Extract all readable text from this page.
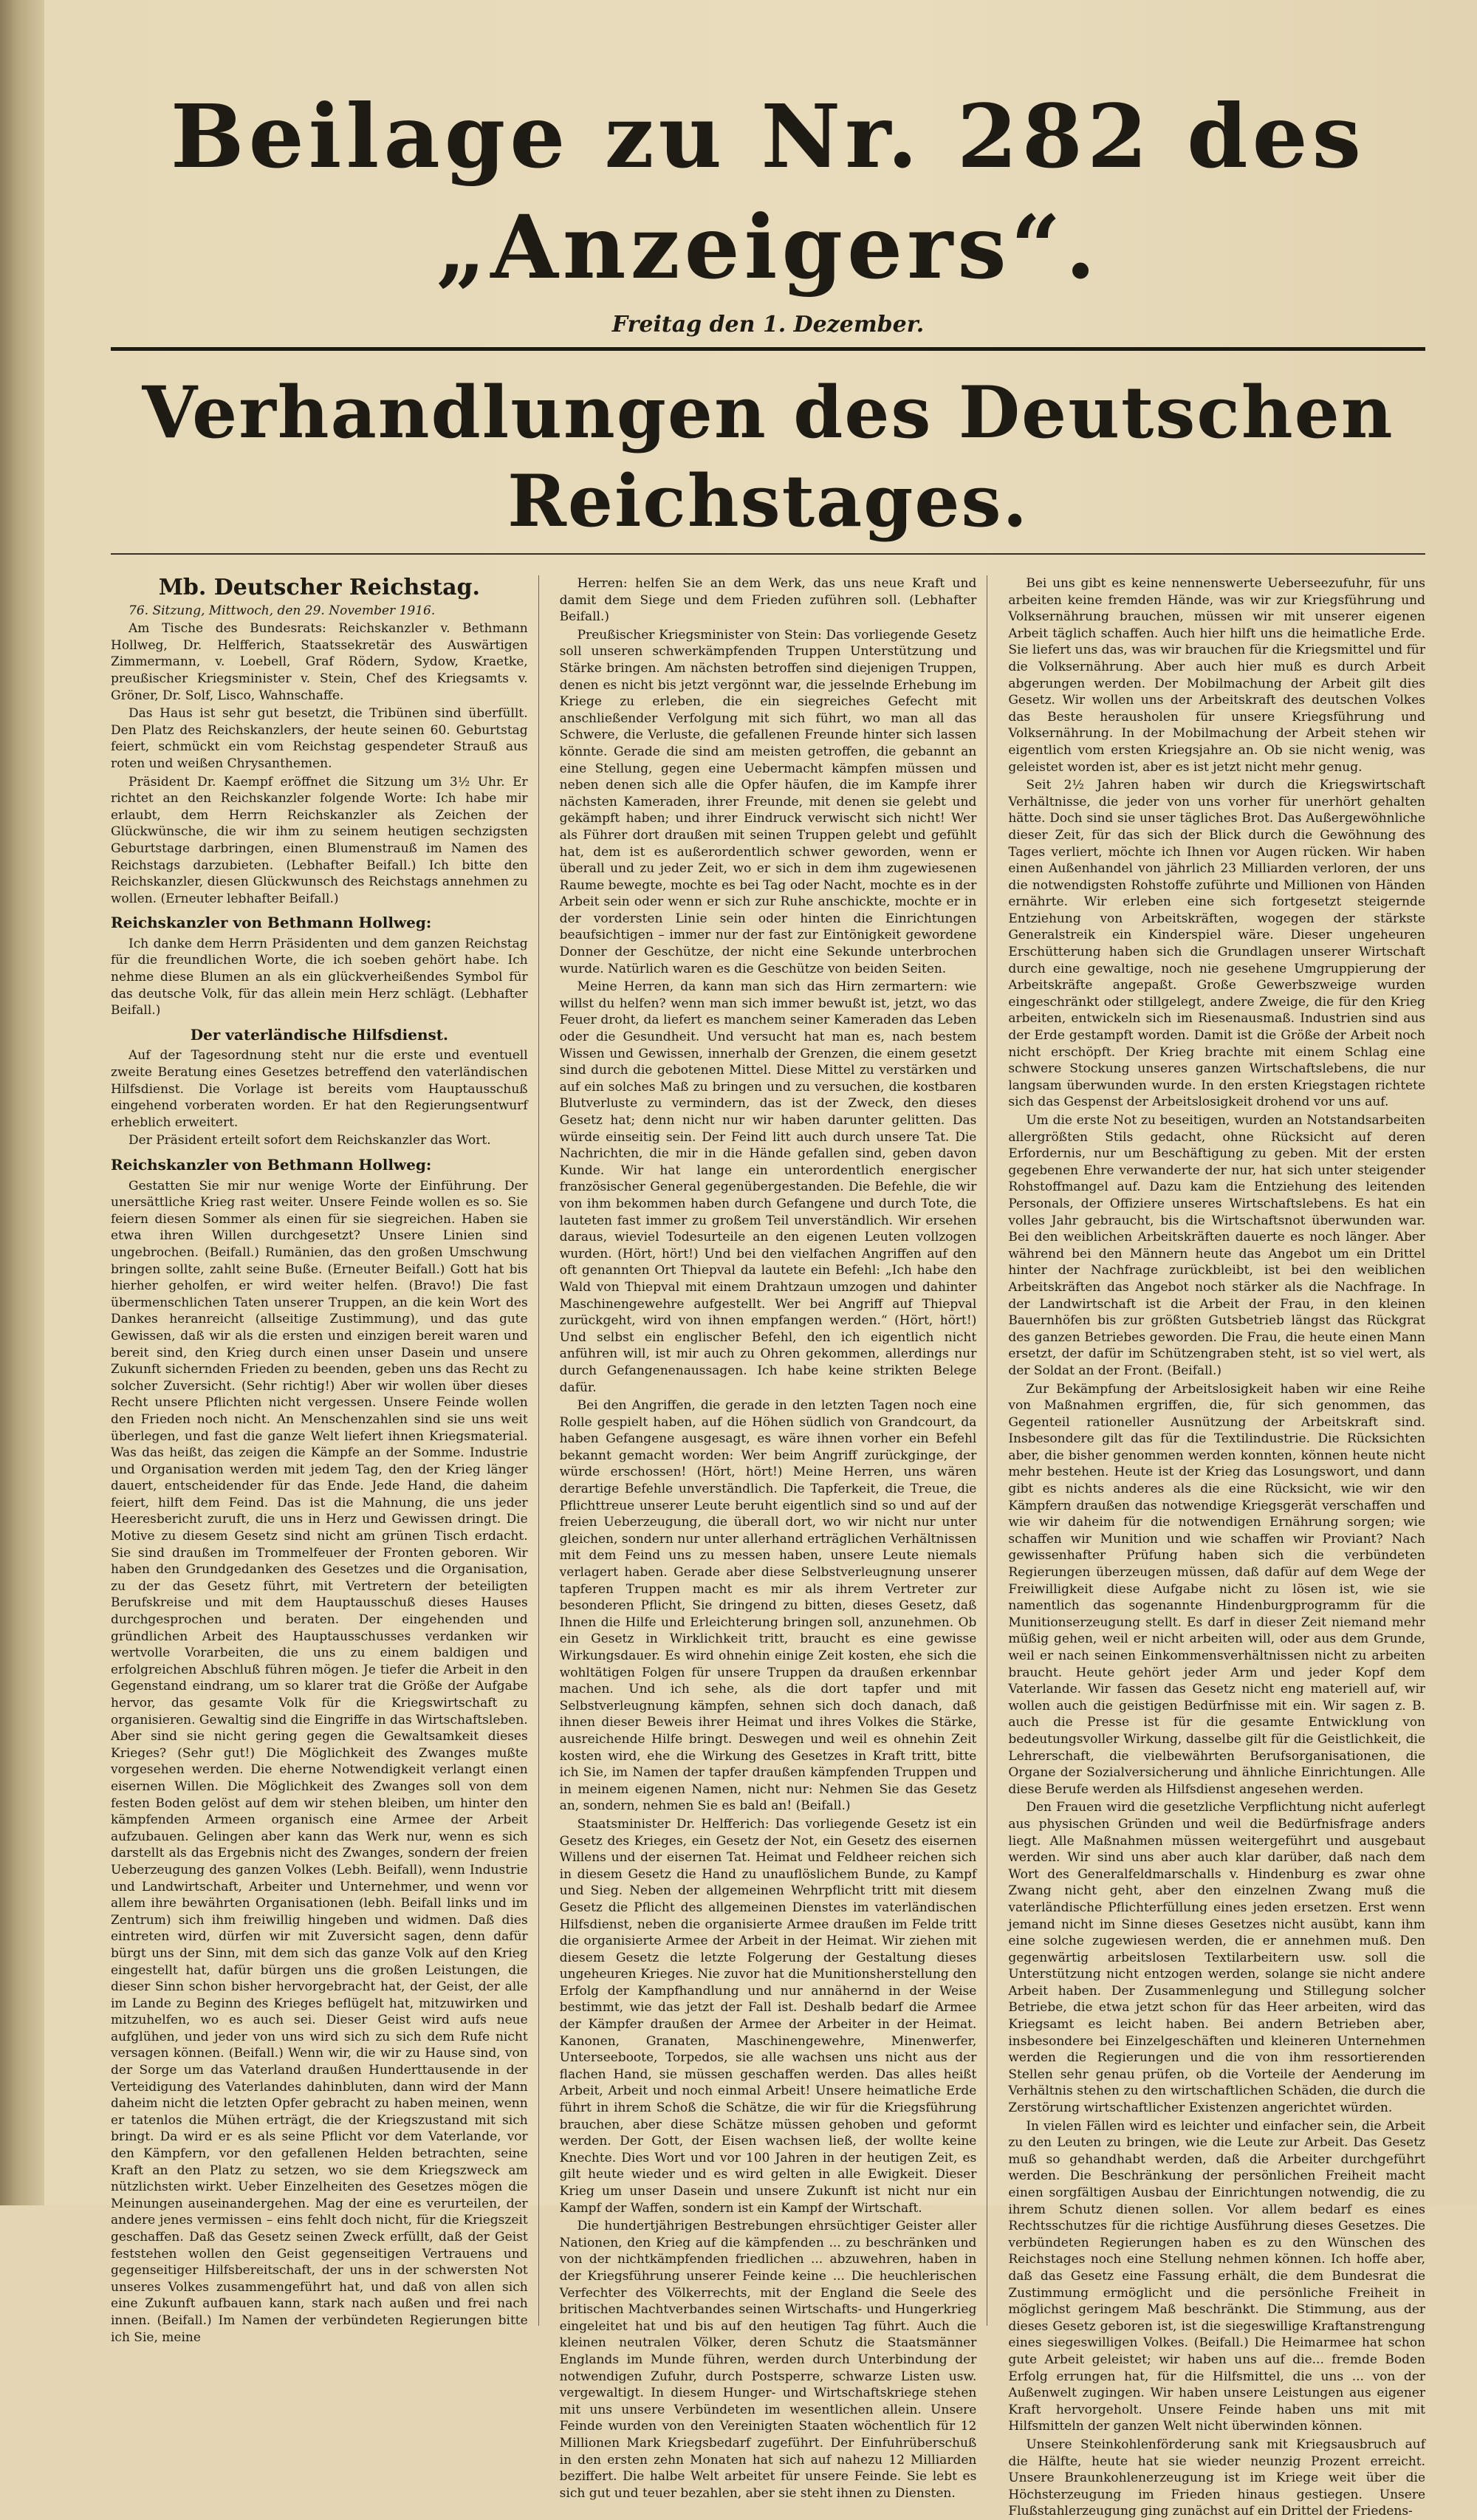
Beilage zu Nr. 282 des „Anzeigers“.
Freitag den 1. Dezember.
Verhandlungen des Deutschen Reichstages.
Mb. Deutscher Reichstag.

76. Sitzung, Mittwoch, den 29. November 1916.

Am Tische des Bundesrats: Reichskanzler v. Bethmann Hollweg, Dr. Helfferich, Staatssekretär des Auswärtigen Zimmermann, v. Loebell, Graf Rödern, Sydow, Kraetke, preußischer Kriegsminister v. Stein, Chef des Kriegsamts v. Gröner, Dr. Solf, Lisco, Wahnschaffe.

Das Haus ist sehr gut besetzt, die Tribünen sind überfüllt. Den Platz des Reichskanzlers, der heute seinen 60. Geburtstag feiert, schmückt ein vom Reichstag gespendeter Strauß aus roten und weißen Chrysanthemen.

Präsident Dr. Kaempf eröffnet die Sitzung um 3½ Uhr. Er richtet an den Reichskanzler folgende Worte: Ich habe mir erlaubt, dem Herrn Reichskanzler als Zeichen der Glückwünsche, die wir ihm zu seinem heutigen sechzigsten Geburtstage darbringen, einen Blumenstrauß im Namen des Reichstags darzubieten. (Lebhafter Beifall.) Ich bitte den Reichskanzler, diesen Glückwunsch des Reichstags annehmen zu wollen. (Erneuter lebhafter Beifall.)

Reichskanzler von Bethmann Hollweg:

Ich danke dem Herrn Präsidenten und dem ganzen Reichstag für die freundlichen Worte, die ich soeben gehört habe. Ich nehme diese Blumen an als ein glückverheißendes Symbol für das deutsche Volk, für das allein mein Herz schlägt. (Lebhafter Beifall.)

Der vaterländische Hilfsdienst.

Auf der Tagesordnung steht nur die erste und eventuell zweite Beratung eines Gesetzes betreffend den vaterländischen Hilfsdienst. Die Vorlage ist bereits vom Hauptausschuß eingehend vorberaten worden. Er hat den Regierungsentwurf erheblich erweitert.

Der Präsident erteilt sofort dem Reichskanzler das Wort.

Reichskanzler von Bethmann Hollweg:

Gestatten Sie mir nur wenige Worte der Einführung. Der unersättliche Krieg rast weiter. Unsere Feinde wollen es so. Sie feiern diesen Sommer als einen für sie siegreichen. Haben sie etwa ihren Willen durchgesetzt? Unsere Linien sind ungebrochen. (Beifall.) Rumänien, das den großen Umschwung bringen sollte, zahlt seine Buße. (Erneuter Beifall.) Gott hat bis hierher geholfen, er wird weiter helfen. (Bravo!) Die fast übermenschlichen Taten unserer Truppen, an die kein Wort des Dankes heranreicht (allseitige Zustimmung), und das gute Gewissen, daß wir als die ersten und einzigen bereit waren und bereit sind, den Krieg durch einen unser Dasein und unsere Zukunft sichernden Frieden zu beenden, geben uns das Recht zu solcher Zuversicht. (Sehr richtig!) Aber wir wollen über dieses Recht unsere Pflichten nicht vergessen. Unsere Feinde wollen den Frieden noch nicht. An Menschenzahlen sind sie uns weit überlegen, und fast die ganze Welt liefert ihnen Kriegsmaterial. Was das heißt, das zeigen die Kämpfe an der Somme. Industrie und Organisation werden mit jedem Tag, den der Krieg länger dauert, entscheidender für das Ende. Jede Hand, die daheim feiert, hilft dem Feind. Das ist die Mahnung, die uns jeder Heeresbericht zuruft, die uns in Herz und Gewissen dringt. Die Motive zu diesem Gesetz sind nicht am grünen Tisch erdacht. Sie sind draußen im Trommelfeuer der Fronten geboren. Wir haben den Grundgedanken des Gesetzes und die Organisation, zu der das Gesetz führt, mit Vertretern der beteiligten Berufskreise und mit dem Hauptausschuß dieses Hauses durchgesprochen und beraten. Der eingehenden und gründlichen Arbeit des Hauptausschusses verdanken wir wertvolle Vorarbeiten, die uns zu einem baldigen und erfolgreichen Abschluß führen mögen. Je tiefer die Arbeit in den Gegenstand eindrang, um so klarer trat die Größe der Aufgabe hervor, das gesamte Volk für die Kriegswirtschaft zu organisieren. Gewaltig sind die Eingriffe in das Wirtschaftsleben. Aber sind sie nicht gering gegen die Gewaltsamkeit dieses Krieges? (Sehr gut!) Die Möglichkeit des Zwanges mußte vorgesehen werden. Die eherne Notwendigkeit verlangt einen eisernen Willen. Die Möglichkeit des Zwanges soll von dem festen Boden gelöst auf dem wir stehen bleiben, um hinter den kämpfenden Armeen organisch eine Armee der Arbeit aufzubauen. Gelingen aber kann das Werk nur, wenn es sich darstellt als das Ergebnis nicht des Zwanges, sondern der freien Ueberzeugung des ganzen Volkes (Lebh. Beifall), wenn Industrie und Landwirtschaft, Arbeiter und Unternehmer, und wenn vor allem ihre bewährten Organisationen (lebh. Beifall links und im Zentrum) sich ihm freiwillig hingeben und widmen. Daß dies eintreten wird, dürfen wir mit Zuversicht sagen, denn dafür bürgt uns der Sinn, mit dem sich das ganze Volk auf den Krieg eingestellt hat, dafür bürgen uns die großen Leistungen, die dieser Sinn schon bisher hervorgebracht hat, der Geist, der alle im Lande zu Beginn des Krieges beflügelt hat, mitzuwirken und mitzuhelfen, wo es auch sei. Dieser Geist wird aufs neue aufglühen, und jeder von uns wird sich zu sich dem Rufe nicht versagen können. (Beifall.) Wenn wir, die wir zu Hause sind, von der Sorge um das Vaterland draußen Hunderttausende in der Verteidigung des Vaterlandes dahinbluten, dann wird der Mann daheim nicht die letzten Opfer gebracht zu haben meinen, wenn er tatenlos die Mühen erträgt, die der Kriegszustand mit sich bringt. Da wird er es als seine Pflicht vor dem Vaterlande, vor den Kämpfern, vor den gefallenen Helden betrachten, seine Kraft an den Platz zu setzen, wo sie dem Kriegszweck am nützlichsten wirkt. Ueber Einzelheiten des Gesetzes mögen die Meinungen auseinandergehen. Mag der eine es verurteilen, der andere jenes vermissen – eins fehlt doch nicht, für die Kriegszeit geschaffen. Daß das Gesetz seinen Zweck erfüllt, daß der Geist feststehen wollen den Geist gegenseitigen Vertrauens und gegenseitiger Hilfsbereitschaft, der uns in der schwersten Not unseres Volkes zusammengeführt hat, und daß von allen sich eine Zukunft aufbauen kann, stark nach außen und frei nach innen. (Beifall.) Im Namen der verbündeten Regierungen bitte ich Sie, meine

Herren: helfen Sie an dem Werk, das uns neue Kraft und damit dem Siege und dem Frieden zuführen soll. (Lebhafter Beifall.)

Preußischer Kriegsminister von Stein: Das vorliegende Gesetz soll unseren schwerkämpfenden Truppen Unterstützung und Stärke bringen. Am nächsten betroffen sind diejenigen Truppen, denen es nicht bis jetzt vergönnt war, die jesselnde Erhebung im Kriege zu erleben, die ein siegreiches Gefecht mit anschließender Verfolgung mit sich führt, wo man all das Schwere, die Verluste, die gefallenen Freunde hinter sich lassen könnte. Gerade die sind am meisten getroffen, die gebannt an eine Stellung, gegen eine Uebermacht kämpfen müssen und neben denen sich alle die Opfer häufen, die im Kampfe ihrer nächsten Kameraden, ihrer Freunde, mit denen sie gelebt und gekämpft haben; und ihrer Eindruck verwischt sich nicht! Wer als Führer dort draußen mit seinen Truppen gelebt und gefühlt hat, dem ist es außerordentlich schwer geworden, wenn er überall und zu jeder Zeit, wo er sich in dem ihm zugewiesenen Raume bewegte, mochte es bei Tag oder Nacht, mochte es in der Arbeit sein oder wenn er sich zur Ruhe anschickte, mochte er in der vordersten Linie sein oder hinten die Einrichtungen beaufsichtigen – immer nur der fast zur Eintönigkeit gewordene Donner der Geschütze, der nicht eine Sekunde unterbrochen wurde. Natürlich waren es die Geschütze von beiden Seiten.

Meine Herren, da kann man sich das Hirn zermartern: wie willst du helfen? wenn man sich immer bewußt ist, jetzt, wo das Feuer droht, da liefert es manchem seiner Kameraden das Leben oder die Gesundheit. Und versucht hat man es, nach bestem Wissen und Gewissen, innerhalb der Grenzen, die einem gesetzt sind durch die gebotenen Mittel. Diese Mittel zu verstärken und auf ein solches Maß zu bringen und zu versuchen, die kostbaren Blutverluste zu vermindern, das ist der Zweck, den dieses Gesetz hat; denn nicht nur wir haben darunter gelitten. Das würde einseitig sein. Der Feind litt auch durch unsere Tat. Die Nachrichten, die mir in die Hände gefallen sind, geben davon Kunde. Wir hat lange ein unterordentlich energischer französischer General gegenübergestanden. Die Befehle, die wir von ihm bekommen haben durch Gefangene und durch Tote, die lauteten fast immer zu großem Teil unverständlich. Wir ersehen daraus, wieviel Todesurteile an den eigenen Leuten vollzogen wurden. (Hört, hört!) Und bei den vielfachen Angriffen auf den oft genannten Ort Thiepval da lautete ein Befehl: „Ich habe den Wald von Thiepval mit einem Drahtzaun umzogen und dahinter Maschinengewehre aufgestellt. Wer bei Angriff auf Thiepval zurückgeht, wird von ihnen empfangen werden.“ (Hört, hört!) Und selbst ein englischer Befehl, den ich eigentlich nicht anführen will, ist mir auch zu Ohren gekommen, allerdings nur durch Gefangenenaussagen. Ich habe keine strikten Belege dafür.

Bei den Angriffen, die gerade in den letzten Tagen noch eine Rolle gespielt haben, auf die Höhen südlich von Grandcourt, da haben Gefangene ausgesagt, es wäre ihnen vorher ein Befehl bekannt gemacht worden: Wer beim Angriff zurückginge, der würde erschossen! (Hört, hört!) Meine Herren, uns wären derartige Befehle unverständlich. Die Tapferkeit, die Treue, die Pflichttreue unserer Leute beruht eigentlich sind so und auf der freien Ueberzeugung, die überall dort, wo wir nicht nur unter gleichen, sondern nur unter allerhand erträglichen Verhältnissen mit dem Feind uns zu messen haben, unsere Leute niemals verlagert haben. Gerade aber diese Selbstverleugnung unserer tapferen Truppen macht es mir als ihrem Vertreter zur besonderen Pflicht, Sie dringend zu bitten, dieses Gesetz, daß Ihnen die Hilfe und Erleichterung bringen soll, anzunehmen. Ob ein Gesetz in Wirklichkeit tritt, braucht es eine gewisse Wirkungsdauer. Es wird ohnehin einige Zeit kosten, ehe sich die wohltätigen Folgen für unsere Truppen da draußen erkennbar machen. Und ich sehe, als die dort tapfer und mit Selbstverleugnung kämpfen, sehnen sich doch danach, daß ihnen dieser Beweis ihrer Heimat und ihres Volkes die Stärke, ausreichende Hilfe bringt. Deswegen und weil es ohnehin Zeit kosten wird, ehe die Wirkung des Gesetzes in Kraft tritt, bitte ich Sie, im Namen der tapfer draußen kämpfenden Truppen und in meinem eigenen Namen, nicht nur: Nehmen Sie das Gesetz an, sondern, nehmen Sie es bald an! (Beifall.)

Staatsminister Dr. Helfferich: Das vorliegende Gesetz ist ein Gesetz des Krieges, ein Gesetz der Not, ein Gesetz des eisernen Willens und der eisernen Tat. Heimat und Feldheer reichen sich in diesem Gesetz die Hand zu unauflöslichem Bunde, zu Kampf und Sieg. Neben der allgemeinen Wehrpflicht tritt mit diesem Gesetz die Pflicht des allgemeinen Dienstes im vaterländischen Hilfsdienst, neben die organisierte Armee draußen im Felde tritt die organisierte Armee der Arbeit in der Heimat. Wir ziehen mit diesem Gesetz die letzte Folgerung der Gestaltung dieses ungeheuren Krieges. Nie zuvor hat die Munitionsherstellung den Erfolg der Kampfhandlung und nur annähernd in der Weise bestimmt, wie das jetzt der Fall ist. Deshalb bedarf die Armee der Kämpfer draußen der Armee der Arbeiter in der Heimat. Kanonen, Granaten, Maschinengewehre, Minenwerfer, Unterseeboote, Torpedos, sie alle wachsen uns nicht aus der flachen Hand, sie müssen geschaffen werden. Das alles heißt Arbeit, Arbeit und noch einmal Arbeit! Unsere heimatliche Erde führt in ihrem Schoß die Schätze, die wir für die Kriegsführung brauchen, aber diese Schätze müssen gehoben und geformt werden. Der Gott, der Eisen wachsen ließ, der wollte keine Knechte. Dies Wort und vor 100 Jahren in der heutigen Zeit, es gilt heute wieder und es wird gelten in alle Ewigkeit. Dieser Krieg um unser Dasein und unsere Zukunft ist nicht nur ein Kampf der Waffen, sondern ist ein Kampf der Wirtschaft.

Die hundertjährigen Bestrebungen ehrsüchtiger Geister aller Nationen, den Krieg auf die kämpfenden ... zu beschränken und von der nichtkämpfenden friedlichen ... abzuwehren, haben in der Kriegsführung unserer Feinde keine ... Die heuchlerischen Verfechter des Völkerrechts, mit der England die Seele des britischen Machtverbandes seinen Wirtschafts- und Hungerkrieg eingeleitet hat und bis auf den heutigen Tag führt. Auch die kleinen neutralen Völker, deren Schutz die Staatsmänner Englands im Munde führen, werden durch Unterbindung der notwendigen Zufuhr, durch Postsperre, schwarze Listen usw. vergewaltigt. In diesem Hunger- und Wirtschaftskriege stehen mit uns unsere Verbündeten im wesentlichen allein. Unsere Feinde wurden von den Vereinigten Staaten wöchentlich für 12 Millionen Mark Kriegsbedarf zugeführt. Der Einfuhrüberschuß in den ersten zehn Monaten hat sich auf nahezu 12 Milliarden beziffert. Die halbe Welt arbeitet für unsere Feinde. Sie lebt es sich gut und teuer bezahlen, aber sie steht ihnen zu Diensten.

Bei uns gibt es keine nennenswerte Ueberseezufuhr, für uns arbeiten keine fremden Hände, was wir zur Kriegsführung und Volksernährung brauchen, müssen wir mit unserer eigenen Arbeit täglich schaffen. Auch hier hilft uns die heimatliche Erde. Sie liefert uns das, was wir brauchen für die Kriegsmittel und für die Volksernährung. Aber auch hier muß es durch Arbeit abgerungen werden. Der Mobilmachung der Arbeit gilt dies Gesetz. Wir wollen uns der Arbeitskraft des deutschen Volkes das Beste herausholen für unsere Kriegsführung und Volksernährung. In der Mobilmachung der Arbeit stehen wir eigentlich vom ersten Kriegsjahre an. Ob sie nicht wenig, was geleistet worden ist, aber es ist jetzt nicht mehr genug.

Seit 2½ Jahren haben wir durch die Kriegswirtschaft Verhältnisse, die jeder von uns vorher für unerhört gehalten hätte. Doch sind sie unser tägliches Brot. Das Außergewöhnliche dieser Zeit, für das sich der Blick durch die Gewöhnung des Tages verliert, möchte ich Ihnen vor Augen rücken. Wir haben einen Außenhandel von jährlich 23 Milliarden verloren, der uns die notwendigsten Rohstoffe zuführte und Millionen von Händen ernährte. Wir erleben eine sich fortgesetzt steigernde Entziehung von Arbeitskräften, wogegen der stärkste Generalstreik ein Kinderspiel wäre. Dieser ungeheuren Erschütterung haben sich die Grundlagen unserer Wirtschaft durch eine gewaltige, noch nie gesehene Umgruppierung der Arbeitskräfte angepaßt. Große Gewerbszweige wurden eingeschränkt oder stillgelegt, andere Zweige, die für den Krieg arbeiten, entwickeln sich im Riesenausmaß. Industrien sind aus der Erde gestampft worden. Damit ist die Größe der Arbeit noch nicht erschöpft. Der Krieg brachte mit einem Schlag eine schwere Stockung unseres ganzen Wirtschaftslebens, die nur langsam überwunden wurde. In den ersten Kriegstagen richtete sich das Gespenst der Arbeitslosigkeit drohend vor uns auf.

Um die erste Not zu beseitigen, wurden an Notstandsarbeiten allergrößten Stils gedacht, ohne Rücksicht auf deren Erfordernis, nur um Beschäftigung zu geben. Mit der ersten gegebenen Ehre verwanderte der nur, hat sich unter steigender Rohstoffmangel auf. Dazu kam die Entziehung des leitenden Personals, der Offiziere unseres Wirtschaftslebens. Es hat ein volles Jahr gebraucht, bis die Wirtschaftsnot überwunden war. Bei den weiblichen Arbeitskräften dauerte es noch länger. Aber während bei den Männern heute das Angebot um ein Drittel hinter der Nachfrage zurückbleibt, ist bei den weiblichen Arbeitskräften das Angebot noch stärker als die Nachfrage. In der Landwirtschaft ist die Arbeit der Frau, in den kleinen Bauernhöfen bis zur größten Gutsbetrieb längst das Rückgrat des ganzen Betriebes geworden. Die Frau, die heute einen Mann ersetzt, der dafür im Schützengraben steht, ist so viel wert, als der Soldat an der Front. (Beifall.)

Zur Bekämpfung der Arbeitslosigkeit haben wir eine Reihe von Maßnahmen ergriffen, die, für sich genommen, das Gegenteil rationeller Ausnützung der Arbeitskraft sind. Insbesondere gilt das für die Textilindustrie. Die Rücksichten aber, die bisher genommen werden konnten, können heute nicht mehr bestehen. Heute ist der Krieg das Losungswort, und dann gibt es nichts anderes als die eine Rücksicht, wie wir den Kämpfern draußen das notwendige Kriegsgerät verschaffen und wie wir daheim für die notwendigen Ernährung sorgen; wie schaffen wir Munition und wie schaffen wir Proviant? Nach gewissenhafter Prüfung haben sich die verbündeten Regierungen überzeugen müssen, daß dafür auf dem Wege der Freiwilligkeit diese Aufgabe nicht zu lösen ist, wie sie namentlich das sogenannte Hindenburgprogramm für die Munitionserzeugung stellt. Es darf in dieser Zeit niemand mehr müßig gehen, weil er nicht arbeiten will, oder aus dem Grunde, weil er nach seinen Einkommensverhältnissen nicht zu arbeiten braucht. Heute gehört jeder Arm und jeder Kopf dem Vaterlande. Wir fassen das Gesetz nicht eng materiell auf, wir wollen auch die geistigen Bedürfnisse mit ein. Wir sagen z. B. auch die Presse ist für die gesamte Entwicklung von bedeutungsvoller Wirkung, dasselbe gilt für die Geistlichkeit, die Lehrerschaft, die vielbewährten Berufsorganisationen, die Organe der Sozialversicherung und ähnliche Einrichtungen. Alle diese Berufe werden als Hilfsdienst angesehen werden.

Den Frauen wird die gesetzliche Verpflichtung nicht auferlegt aus physischen Gründen und weil die Bedürfnisfrage anders liegt. Alle Maßnahmen müssen weitergeführt und ausgebaut werden. Wir sind uns aber auch klar darüber, daß nach dem Wort des Generalfeldmarschalls v. Hindenburg es zwar ohne Zwang nicht geht, aber den einzelnen Zwang muß die vaterländische Pflichterfüllung eines jeden ersetzen. Erst wenn jemand nicht im Sinne dieses Gesetzes nicht ausübt, kann ihm eine solche zugewiesen werden, die er annehmen muß. Den gegenwärtig arbeitslosen Textilarbeitern usw. soll die Unterstützung nicht entzogen werden, solange sie nicht andere Arbeit haben. Der Zusammenlegung und Stillegung solcher Betriebe, die etwa jetzt schon für das Heer arbeiten, wird das Kriegsamt es leicht haben. Bei andern Betrieben aber, insbesondere bei Einzelgeschäften und kleineren Unternehmen werden die Regierungen und die von ihm ressortierenden Stellen sehr genau prüfen, ob die Vorteile der Aenderung im Verhältnis stehen zu den wirtschaftlichen Schäden, die durch die Zerstörung wirtschaftlicher Existenzen angerichtet würden.

In vielen Fällen wird es leichter und einfacher sein, die Arbeit zu den Leuten zu bringen, wie die Leute zur Arbeit. Das Gesetz muß so gehandhabt werden, daß die Arbeiter durchgeführt werden. Die Beschränkung der persönlichen Freiheit macht einen sorgfältigen Ausbau der Einrichtungen notwendig, die zu ihrem Schutz dienen sollen. Vor allem bedarf es eines Rechtsschutzes für die richtige Ausführung dieses Gesetzes. Die verbündeten Regierungen haben es zu den Wünschen des Reichstages noch eine Stellung nehmen können. Ich hoffe aber, daß das Gesetz eine Fassung erhält, die dem Bundesrat die Zustimmung ermöglicht und die persönliche Freiheit in möglichst geringem Maß beschränkt. Die Stimmung, aus der dieses Gesetz geboren ist, ist die siegeswillige Kraftanstrengung eines siegeswilligen Volkes. (Beifall.) Die Heimarmee hat schon gute Arbeit geleistet; wir haben uns auf die... fremde Boden Erfolg errungen hat, für die Hilfsmittel, die uns ... von der Außenwelt zugingen. Wir haben unsere Leistungen aus eigener Kraft hervorgeholt. Unsere Feinde haben uns mit mit Hilfsmitteln der ganzen Welt nicht überwinden können.

Unsere Steinkohlenförderung sank mit Kriegsausbruch auf die Hälfte, heute hat sie wieder neunzig Prozent erreicht. Unsere Braunkohlenerzeugung ist im Kriege weit über die Höchsterzeugung im Frieden hinaus gestiegen. Unsere Flußstahlerzeugung ging zunächst auf ein Drittel der Friedens-
